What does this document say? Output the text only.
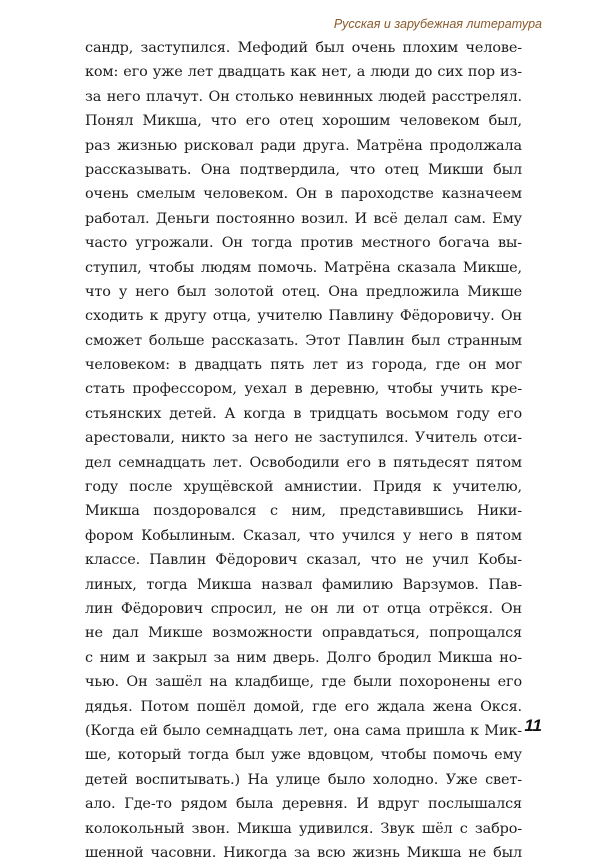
Русская и зарубежная литература
сандр, заступился. Мефодий был очень плохим челове-
ком: его уже лет двадцать как нет, а люди до сих пор из-
за него плачут. Он столько невинных людей расстрелял.
Понял Микша, что его отец хорошим человеком был,
раз жизнью рисковал ради друга. Матрёна продолжала
рассказывать. Она подтвердила, что отец Микши был
очень смелым человеком. Он в пароходстве казначеем
работал. Деньги постоянно возил. И всё делал сам. Ему
часто угрожали. Он тогда против местного богача вы-
ступил, чтобы людям помочь. Матрёна сказала Микше,
что у него был золотой отец. Она предложила Микше
сходить к другу отца, учителю Павлину Фёдоровичу. Он
сможет больше рассказать. Этот Павлин был странным
человеком: в двадцать пять лет из города, где он мог
стать профессором, уехал в деревню, чтобы учить кре-
стьянских детей. А когда в тридцать восьмом году его
арестовали, никто за него не заступился. Учитель отси-
дел семнадцать лет. Освободили его в пятьдесят пятом
году после хрущёвской амнистии. Придя к учителю,
Микша поздоровался с ним, представившись Ники-
фором Кобылиным. Сказал, что учился у него в пятом
классе. Павлин Фёдорович сказал, что не учил Кобы-
линых, тогда Микша назвал фамилию Варзумов. Пав-
лин Фёдорович спросил, не он ли от отца отрёкся. Он
не дал Микше возможности оправдаться, попрощался
с ним и закрыл за ним дверь. Долго бродил Микша но-
чью. Он зашёл на кладбище, где были похоронены его
дядья. Потом пошёл домой, где его ждала жена Окся.
(Когда ей было семнадцать лет, она сама пришла к Мик-
ше, который тогда был уже вдовцом, чтобы помочь ему
детей воспитывать.) На улице было холодно. Уже свет-
ало. Где-то рядом была деревня. И вдруг послышался
колокольный звон. Микша удивился. Звук шёл с забро-
шенной часовни. Никогда за всю жизнь Микша не был
11
